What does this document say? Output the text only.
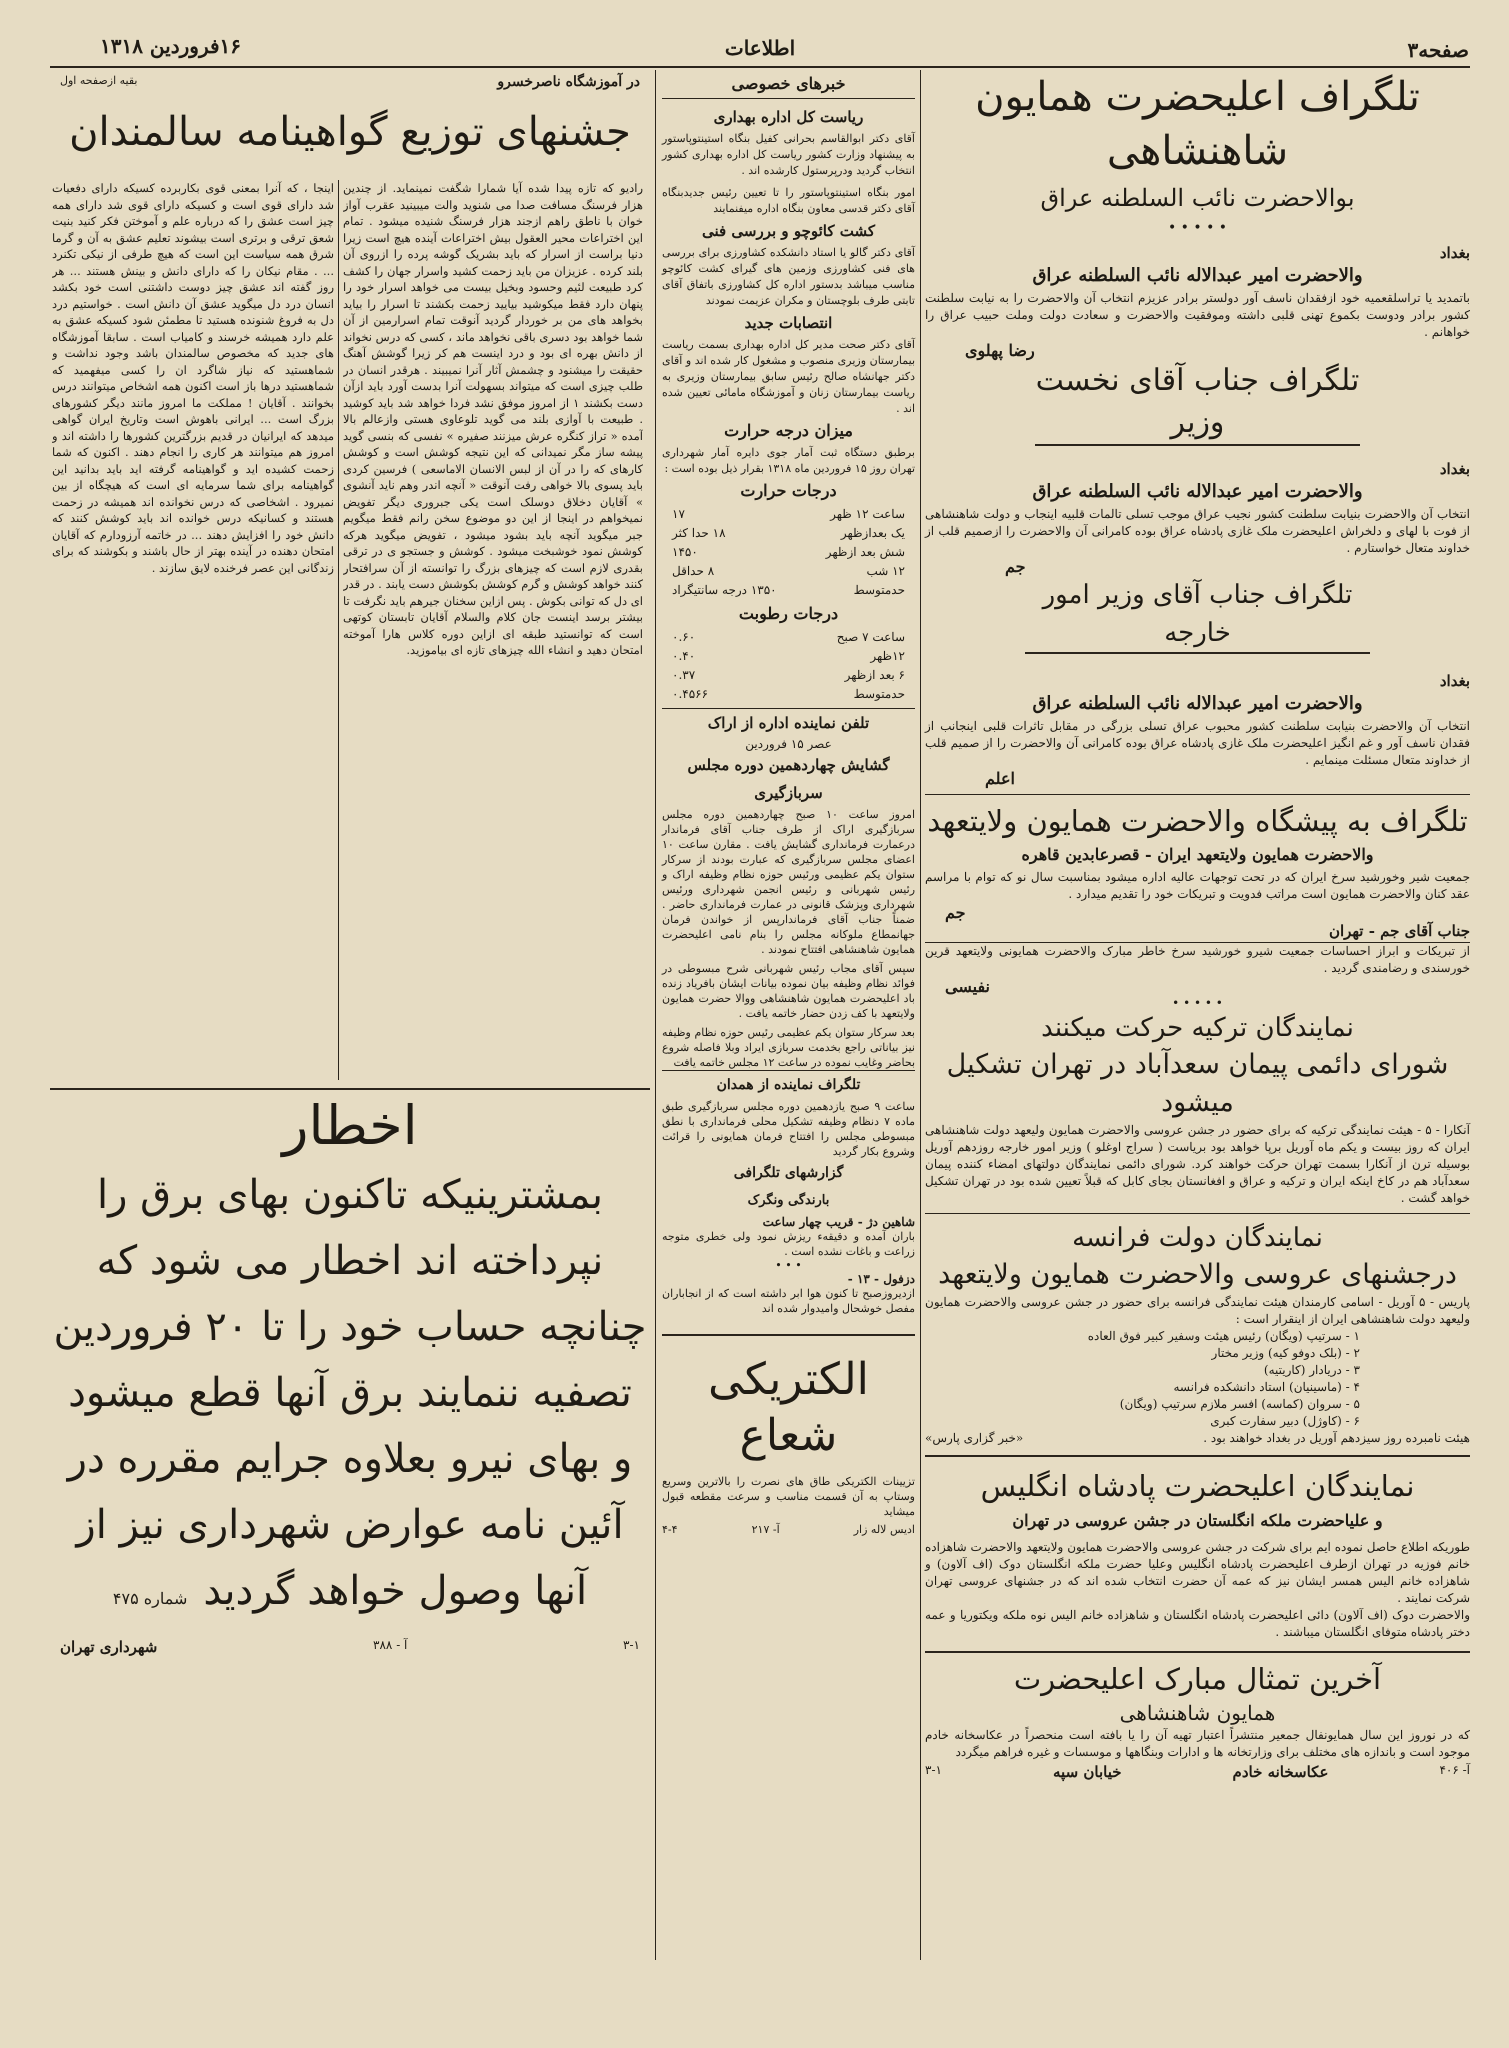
صفحه۳
اطلاعات
۱۶فروردین ۱۳۱۸
تلگراف اعلیحضرت همایون شاهنشاهی
بوالاحضرت نائب السلطنه عراق
• • • • •
بغداد
والاحضرت امیر عبدالاله نائب السلطنه عراق
باتمدید یا تراسلقعمیه خود ازفقدان ناسف آور دولستر برادر عزیزم انتخاب آن والاحضرت را به نیابت سلطنت کشور برادر ودوست بکموع تهنی قلبی داشته وموفقیت والاحضرت و سعادت دولت وملت حبیب عراق را خواهانم .
رضا پهلوی
تلگراف جناب آقای نخست وزیر
بغداد
والاحضرت امیر عبدالاله نائب السلطنه عراق
انتخاب آن والاحضرت بنیابت سلطنت کشور نجیب عراق موجب تسلی تالمات قلبیه اینجاب و دولت شاهنشاهی از فوت با لهای و دلخراش اعلیحضرت ملک غازی پادشاه عراق بوده کامرانی آن والاحضرت را ازصمیم قلب از خداوند متعال خواستارم .
جم
تلگراف جناب آقای وزیر امور خارجه
بغداد
والاحضرت امیر عبدالاله نائب السلطنه عراق
انتخاب آن والاحضرت بنیابت سلطنت کشور محبوب عراق تسلی بزرگی در مقابل تاثرات قلبی اینجانب از فقدان ناسف آور و غم انگیز اعلیحضرت ملک غازی پادشاه عراق بوده کامرانی آن والاحضرت را از صمیم قلب از خداوند متعال مسئلت مینمایم .
اعلم
تلگراف به پیشگاه والاحضرت همایون ولایتعهد
والاحضرت همایون ولایتعهد ایران - قصرعابدین قاهره
جمعیت شیر وخورشید سرخ ایران که در تحت توجهات عالیه اداره میشود بمناسبت سال نو که توام با مراسم عقد کنان والاحضرت همایون است مراتب فدویت و تبریکات خود را تقدیم میدارد .
جم
جناب آقای جم - تهران
از تبریکات و ابراز احساسات جمعیت شیرو خورشید سرخ خاطر مبارک والاحضرت همایونی ولایتعهد قرین خورسندی و رضامندی گردید .
نفیسی
• • • • •
نمایندگان ترکیه حرکت میکنند
شورای دائمی پیمان سعدآباد در تهران تشکیل میشود
آنکارا - ۵ - هیئت نمایندگی ترکیه که برای حضور در جشن عروسی والاحضرت همایون ولیعهد دولت شاهنشاهی ایران که روز بیست و یکم ماه آوریل برپا خواهد بود بریاست ( سراج اوغلو ) وزیر امور خارجه روزدهم آوریل بوسیله ترن از آنکارا بسمت تهران حرکت خواهند کرد. شورای دائمی نمایندگان دولتهای امضاء کننده پیمان سعدآباد هم در کاخ اینکه ایران و ترکیه و عراق و افغانستان بجای کابل که قبلاً تعیین شده بود در تهران تشکیل خواهد گشت .
نمایندگان دولت فرانسه
درجشنهای عروسی والاحضرت همایون ولایتعهد
پاریس - ۵ آوریل - اسامی کارمندان هیئت نمایندگی فرانسه برای حضور در جشن عروسی والاحضرت همایون ولیعهد دولت شاهنشاهی ایران از اینقرار است :
۱ - سرتیپ (ویگان) رئیس هیئت وسفیر کبیر فوق العاده
۲ - (بلک دوفو کیه) وزیر مختار
۳ - دریادار (کاریتیه)
۴ - (ماسینیان) استاد دانشکده فرانسه
۵ - سروان (کماسه) افسر ملازم سرتیپ (ویگان)
۶ - (کاوژل) دبیر سفارت کبری
هیئت نامبرده روز سیزدهم آوریل در بغداد خواهند بود .
«خبر گزاری پارس»
نمایندگان اعلیحضرت پادشاه انگلیس
و علیاحضرت ملکه انگلستان در جشن عروسی در تهران
طوریکه اطلاع حاصل نموده ایم برای شرکت در جشن عروسی والاحضرت همایون ولایتعهد والاحضرت شاهزاده خانم فوزیه در تهران ازطرف اعلیحضرت پادشاه انگلیس وعلیا حضرت ملکه انگلستان دوک (اف آلاون) و شاهزاده خانم الیس همسر ایشان نیز که عمه آن حضرت انتخاب شده اند که در جشنهای عروسی تهران شرکت نمایند .
والاحضرت دوک (اف آلاون) دائی اعلیحضرت پادشاه انگلستان و شاهزاده خانم الیس نوه ملکه ویکتوریا و عمه دختر پادشاه متوفای انگلستان میباشند .
آخرین تمثال مبارک اعلیحضرت
همایون شاهنشاهی
که در نوروز این سال همایونفال جمعیر منتشراً اعتبار تهیه آن را یا بافته است منحصراً در عکاسخانه خادم موجود است و باندازه های مختلف برای وزارتخانه ها و ادارات وبنگاهها و موسسات و غیره فراهم میگردد
آ- ۴۰۶
عکاسخانه خادم
خیابان سپه
۳-۱
خبرهای خصوصی
ریاست کل اداره بهداری
آقای دکتر ابوالقاسم بحرانی کفیل بنگاه استینتوپاستور به پیشنهاد وزارت کشور ریاست کل اداره بهداری کشور انتخاب گردید ودرپرستول کارشده اند .
امور بنگاه استینتوپاستور را تا تعیین رئیس جدیدبنگاه آقای دکتر قدسی معاون بنگاه اداره میفنمایند
کشت کائوچو و بررسی فنی
آقای دکتر گالو یا استاد دانشکده کشاورزی برای بررسی های فنی کشاورزی وزمین های گیرای کشت کائوچو مناسب میباشد بدستور اداره کل کشاورزی باتفاق آقای تابتی طرف بلوچستان و مکران عزیمت نمودند
انتصابات جدید
آقای دکتر صحت مدیر کل اداره بهداری بسمت ریاست بیمارستان وزیری منصوب و مشغول کار شده اند و آقای دکتر جهانشاه صالح رئیس سابق بیمارستان وزیری به ریاست بیمارستان زنان و آموزشگاه مامائی تعیین شده اند .
میزان درجه حرارت
برطبق دستگاه ثبت آمار جوی دایره آمار شهرداری تهران روز ۱۵ فروردین ماه ۱۳۱۸ بقرار ذیل بوده است :
درجات حرارت
ساعت ۱۲ ظهر
۱۷
یک بعدازظهر
۱۸ حدا کثر
شش بعد ازظهر
۱۴۵۰
۱۲ شب
۸ حداقل
حدمتوسط
۱۳۵۰ درجه سانتیگراد
درجات رطوبت
ساعت ۷ صبح
۰.۶۰
۱۲ظهر
۰.۴۰
۶ بعد ازظهر
۰.۳۷
حدمتوسط
۰.۴۵۶۶
تلفن نماینده اداره از اراک
عصر ۱۵ فروردین
گشایش چهاردهمین دوره مجلس سربازگیری
امروز ساعت ۱۰ صبح چهاردهمین دوره مجلس سربازگیری اراک از طرف جناب آقای فرماندار درعمارت فرمانداری گشایش یافت . مقارن ساعت ۱۰ اعضای مجلس سربازگیری که عبارت بودند از سرکار ستوان یکم عظیمی ورئیس حوزه نظام وظیفه اراک و رئیس شهربانی و رئیس انجمن شهرداری ورئیس شهرداری وپزشک قانونی در عمارت فرمانداری حاضر . ضمناً جناب آقای فرماندارپس از خواندن فرمان جهانمطاع ملوکانه مجلس را بنام نامی اعلیحضرت همایون شاهنشاهی افتتاح نمودند .
سپس آقای مجاب رئیس شهربانی شرح مبسوطی در فوائد نظام وظیفه بیان نموده بیانات ایشان بافریاد زنده باد اعلیحضرت همایون شاهنشاهی ووالا حضرت همایون ولایتعهد با کف زدن حضار خاتمه یافت .
بعد سرکار ستوان یکم عظیمی رئیس حوزه نظام وظیفه نیز بیاناتی راجع بخدمت سربازی ایراد وبلا فاصله شروع بحاضر وغایب نموده در ساعت ۱۲ مجلس خاتمه یافت
تلگراف نماینده از همدان
ساعت ۹ صبح یازدهمین دوره مجلس سربازگیری طبق ماده ۷ دنظام وظیفه تشکیل محلی فرمانداری با نطق مبسوطی مجلس را افتتاح فرمان همایونی را قرائت وشروع بکار گردید
گزارشهای تلگرافی
بارندگی ونگرک
شاهین دژ - قریب چهار ساعت
باران آمده و دقیقهء ریزش نمود ولی خطری متوجه زراعت و باغات نشده است .
• • •
دزفول - ۱۳ -
ازدیروزصبح تا کنون هوا ابر داشته است که از انجاباران مفصل خوشحال وامیدوار شده اند
الکتریکی شعاع
تزیینات الکتریکی طاق های نصرت را بالاترین وسریع وستاپ به آن قسمت مناسب و سرعت مقطعه قبول میشاید
ادیس لاله زار
آ- ۲۱۷
۴-۴
در آموزشگاه ناصرخسرو
بقیه ازصفحه اول
جشنهای توزیع گواهینامه سالمندان
رادیو که تازه پیدا شده آیا شمارا شگفت نمینماید. از چندین هزار فرسنگ مسافت صدا می شنوید والت میبینید عقرب آواز خوان با ناطق راهم ازجند هزار فرسنگ شنیده میشود . تمام این اختراعات محیر العقول بیش اختراعات آینده هیچ است زیرا دنیا براست از اسرار که باید بشریک گوشه پرده را ازروی آن بلند کرده . عزیزان من باید زحمت کشید واسرار جهان را کشف کرد طبیعت لئیم وحسود وبخیل بیست می خواهد اسرار خود را پنهان دارد فقط میکوشید بیایید زحمت بکشند تا اسرار را بیاید بخواهد های من بر خوردار گردید آنوقت تمام اسرارمین از آن شما خواهد بود دسری باقی نخواهد ماند ، کسی که درس نخواند از دانش بهره ای بود و درد اینست هم کر زیرا گوشش آهنگ حقیقت را میشنود و چشمش آثار آنرا نمیبیند . هرقدر انسان در طلب چیزی است که میتواند بسهولت آنرا بدست آورد باید ازآن دست بکشند ۱ از امروز موفق نشد فردا خواهد شد باید کوشید . طبیعت با آوازی بلند می گوید تلوعاوی هستی وازعالم بالا آمده « تراز کنگره عرش میزنند صفیره » نفسی که بنسی گوید پیشه ساز مگر نمیدانی که این نتیجه کوشش است و کوشش کارهای که را در آن از لبس الانسان الاماسعی ) فرسین کردی باید پسوی بالا خواهی رفت آنوقت « آنچه اندر وهم ناید آنشوی » آقایان دخلاق دوسلک است یکی جبروری دیگر تفویض نمیخواهم در اینجا از این دو موضوع سخن رانم فقط میگویم جبر میگوید آنچه باید بشود میشود ، تفویض میگوید هرکه کوشش نمود خوشبخت میشود . کوشش و جستجو ی در ترقی بقدری لازم است که چیزهای بزرگ را توانسته از آن سرافتحار کنند خواهد کوشش و گرم کوشش بکوشش دست یابند . در قدر ای دل که توانی بکوش . پس ازاین سخنان جیرهم باید نگرفت تا بیشتر برسد اینست جان کلام والسلام آقایان تابستان کوتهی است که توانستید طبقه ای ازاین دوره کلاس هارا آموخته امتحان دهید و انشاء الله چیزهای تازه ای بیاموزید.
اینجا ، که آنرا بمعنی قوی بکاربرده کسیکه دارای دفعیات شد دارای قوی است و کسیکه دارای قوی شد دارای همه چیز است عشق را که درباره علم و آموختن فکر کنید بنیت شعق ترقی و برتری است بیشوند تعلیم عشق به آن و گرما شرق همه سیاست این است که هیچ طرفی از نیکی تکنرد ... . مقام نیکان را که دارای دانش و بینش هستند ... هر روز گفته اند عشق چیز دوست داشتنی است خود بکشد انسان درد دل میگوید عشق آن دانش است . خواستیم درد دل به فروغ شنونده هستید تا مطمئن شود کسیکه عشق به علم دارد همیشه خرسند و کامیاب است . سابقا آموزشگاه های جدید که مخصوص سالمندان باشد وجود نداشت و شماهستید که نیاز شاگرد ان را کسی میفهمید که شماهستید درها باز است اکنون همه اشخاص میتوانند درس بخوانند . آقایان ! مملکت ما امروز مانند دیگر کشورهای بزرگ است ... ایرانی باهوش است وتاریخ ایران گواهی میدهد که ایرانیان در قدیم بزرگترین کشورها را داشته اند و امروز هم میتوانند هر کاری را انجام دهند . اکنون که شما زحمت کشیده اید و گواهینامه گرفته اید باید بدانید این گواهینامه برای شما سرمایه ای است که هیچگاه از بین نمیرود . اشخاصی که درس نخوانده اند همیشه در زحمت هستند و کسانیکه درس خوانده اند باید کوشش کنند که دانش خود را افزایش دهند ... در خاتمه آرزودارم که آقایان امتحان دهنده در آینده بهتر از حال باشند و بکوشند که برای زندگانی این عصر فرخنده لایق سازند .
اخطار
بمشترینیکه تاکنون بهای برق را
نپرداخته اند اخطار می شود که
چنانچه حساب خود را تا ۲۰ فروردین
تصفیه ننمایند برق آنها قطع میشود
و بهای نیرو بعلاوه جرایم مقرره در
آئین نامه عوارض شهرداری نیز از
آنها وصول خواهد گردید
شماره ۴۷۵
۳-۱
آ - ۳۸۸
شهرداری تهران
